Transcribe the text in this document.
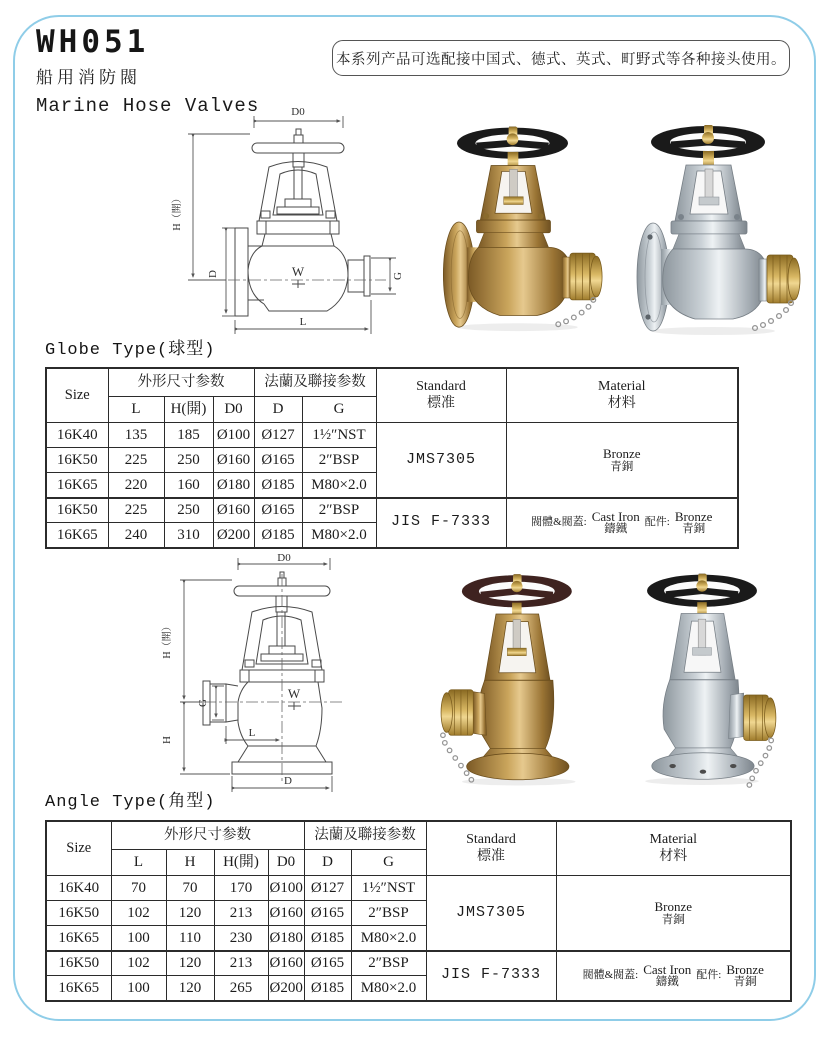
WH051
船用消防閥
Marine Hose Valves
本系列产品可选配接中国式、德式、英式、町野式等各种接头使用。
W
D0
H（開）
D	G
L
Globe Type(球型)
Size	外形尺寸参数			法蘭及聯接参数		Standard
標准	Material
材料

	L	H(開)	D0	D	G		
16K40	135	185	Ø100	Ø127	1½″NST	JMS7305	Bronze
青銅

16K50	225	250	Ø160	Ø165	2″BSP		
16K65	220	160	Ø180	Ø185	M80×2.0		
16K50	225	250	Ø160	Ø165	2″BSP	JIS F-7333	閥體&閥蓋: Cast Iron
鑄鐵
配件: Bronze
青銅

16K65	240	310	Ø200	Ø185	M80×2.0		
W
D0
H（開）
G
H
L
D
Angle Type(角型)
Size	外形尺寸参数				法蘭及聯接参数		Standard
標准	Material
材料

	L	H	H(開)	D0	D	G		
16K40	70	70	170	Ø100	Ø127	1½″NST	JMS7305	Bronze
青銅

16K50	102	120	213	Ø160	Ø165	2″BSP		
16K65	100	110	230	Ø180	Ø185	M80×2.0		
16K50	102	120	213	Ø160	Ø165	2″BSP	JIS F-7333	閥體&閥蓋: Cast Iron
鑄鐵
配件: Bronze
青銅

16K65	100	120	265	Ø200	Ø185	M80×2.0		
